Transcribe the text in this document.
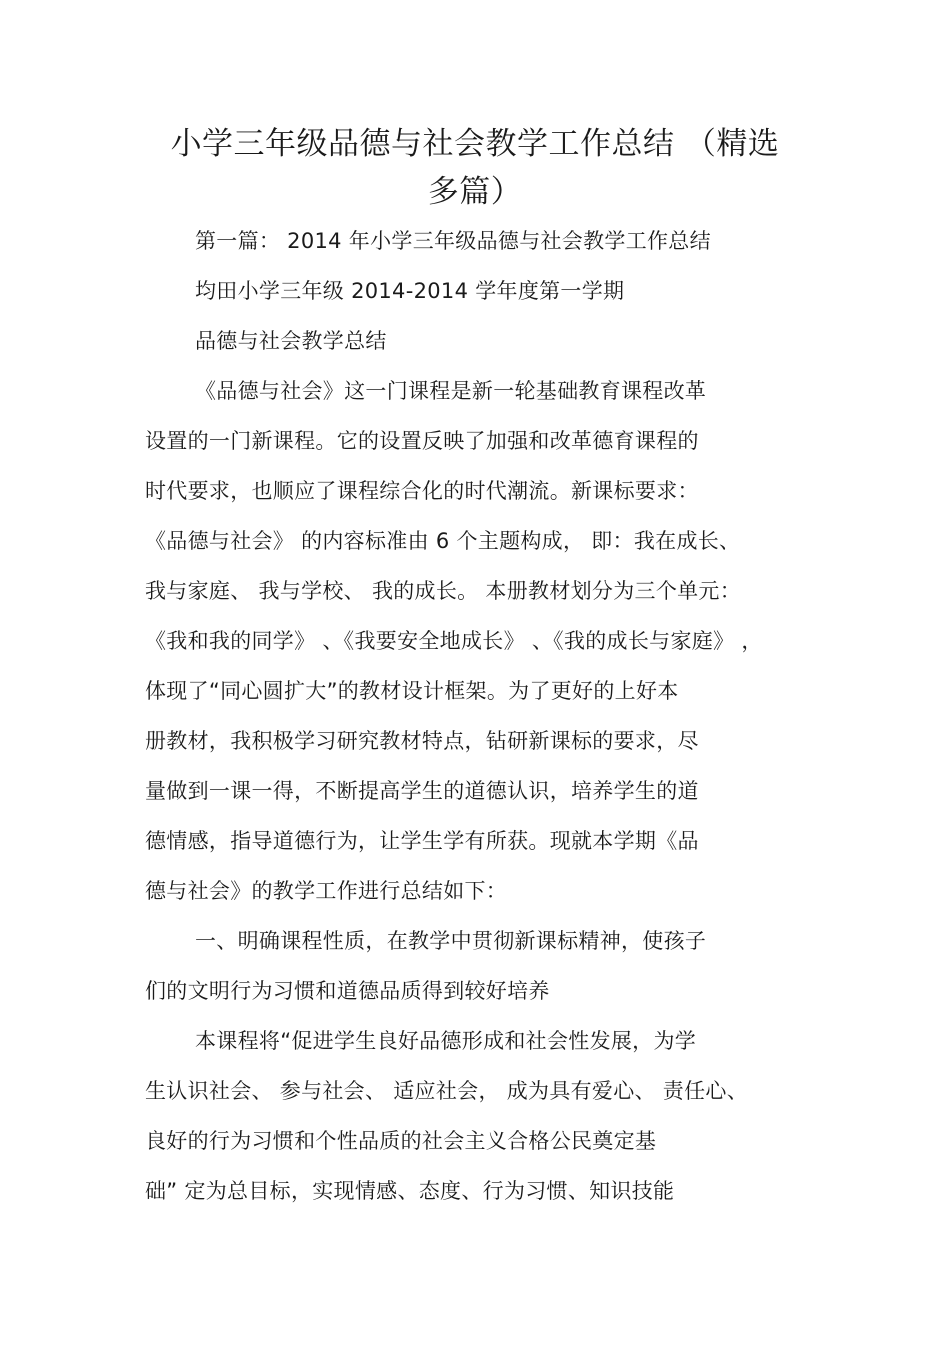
小学三年级品德与社会教学工作总结 （精选
多篇）
第一篇： 2014 年小学三年级品德与社会教学工作总结
均田小学三年级 2014-2014 学年度第一学期
品德与社会教学总结
《品德与社会》这一门课程是新一轮基础教育课程改革
设置的一门新课程。它的设置反映了加强和改革德育课程的
时代要求，也顺应了课程综合化的时代潮流。新课标要求：
《品德与社会》 的内容标准由 6 个主题构成， 即：我在成长、
我与家庭、 我与学校、 我的成长。 本册教材划分为三个单元：
《我和我的同学》 、《我要安全地成长》 、《我的成长与家庭》 ，
体现了“同心圆扩大”的教材设计框架。为了更好的上好本
册教材，我积极学习研究教材特点，钻研新课标的要求，尽
量做到一课一得，不断提高学生的道德认识，培养学生的道
德情感，指导道德行为，让学生学有所获。现就本学期《品
德与社会》的教学工作进行总结如下：
一、明确课程性质，在教学中贯彻新课标精神，使孩子
们的文明行为习惯和道德品质得到较好培养
本课程将“促进学生良好品德形成和社会性发展，为学
生认识社会、 参与社会、 适应社会， 成为具有爱心、 责任心、
良好的行为习惯和个性品质的社会主义合格公民奠定基
础” 定为总目标，实现情感、态度、行为习惯、知识技能
